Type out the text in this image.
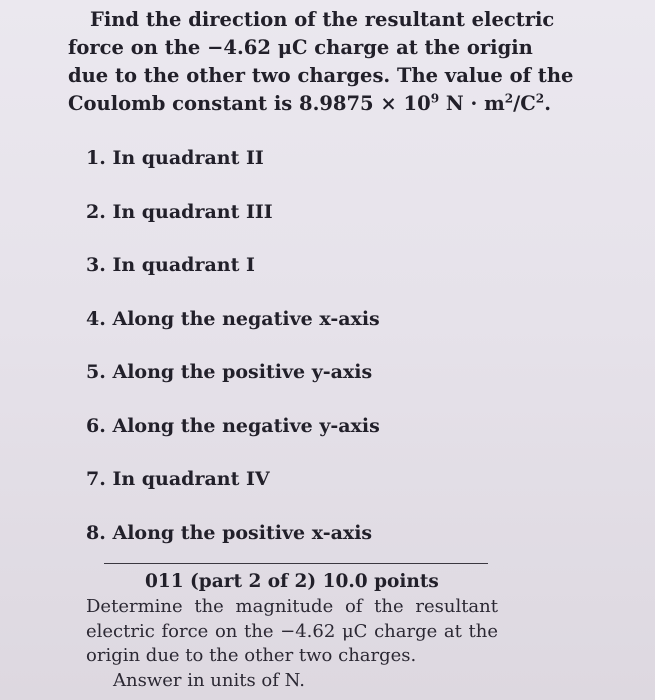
Find the direction of the resultant electric
force on the −4.62 μC charge at the origin
due to the other two charges. The value of the
Coulomb constant is $8.9875 \times 10^9$ $N \cdot m^2/C^2$.
1. In quadrant II
2. In quadrant III
3. In quadrant I
4. Along the negative x-axis
5. Along the positive y-axis
6. Along the negative y-axis
7. In quadrant IV
8. Along the positive x-axis
011 (part 2 of 2) 10.0 points
Determine the magnitude of the resultant
electric force on the −4.62 μC charge at the
origin due to the other two charges.
Answer in units of N.
